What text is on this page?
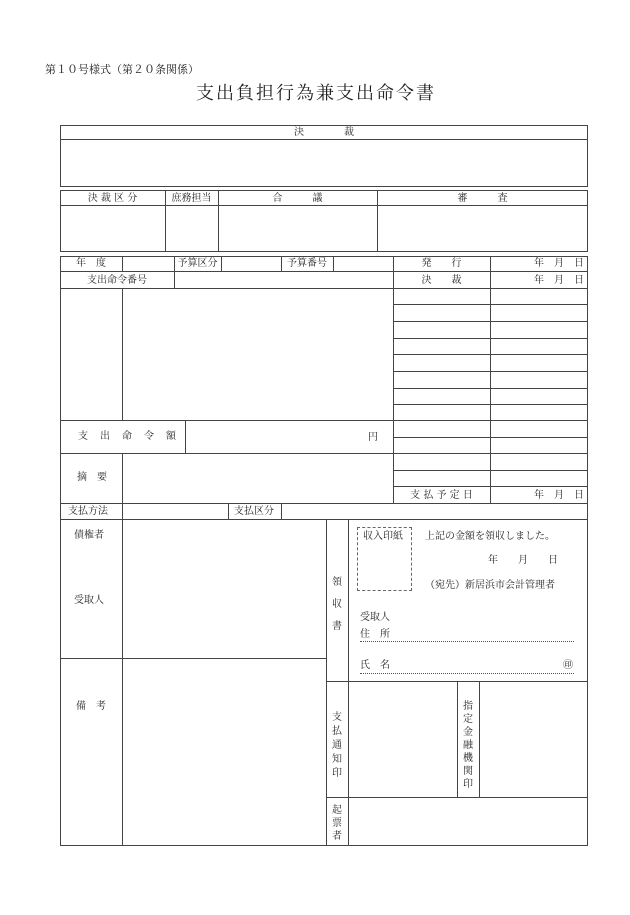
第１０号様式（第２０条関係）
支出負担行為兼支出命令書
決　　　　裁
決 裁 区 分	庶務担当	合　　　議	審　　　査
年　度	予算区分	予算番号	発　　行	年　月　日
支出命令番号	決　　裁	年　月　日
支　出　命　令　額	円
摘　要
支 払 予 定 日	年　月　日
支払方法	支払区分
債権者
受取人
備　考
領収書
収入印紙 上記の金額を領収しました。
年　　月　　日
（宛先）新居浜市会計管理者
受取人
住　所
氏　名	㊞
支払通知印
指定金融機関印
起票者
